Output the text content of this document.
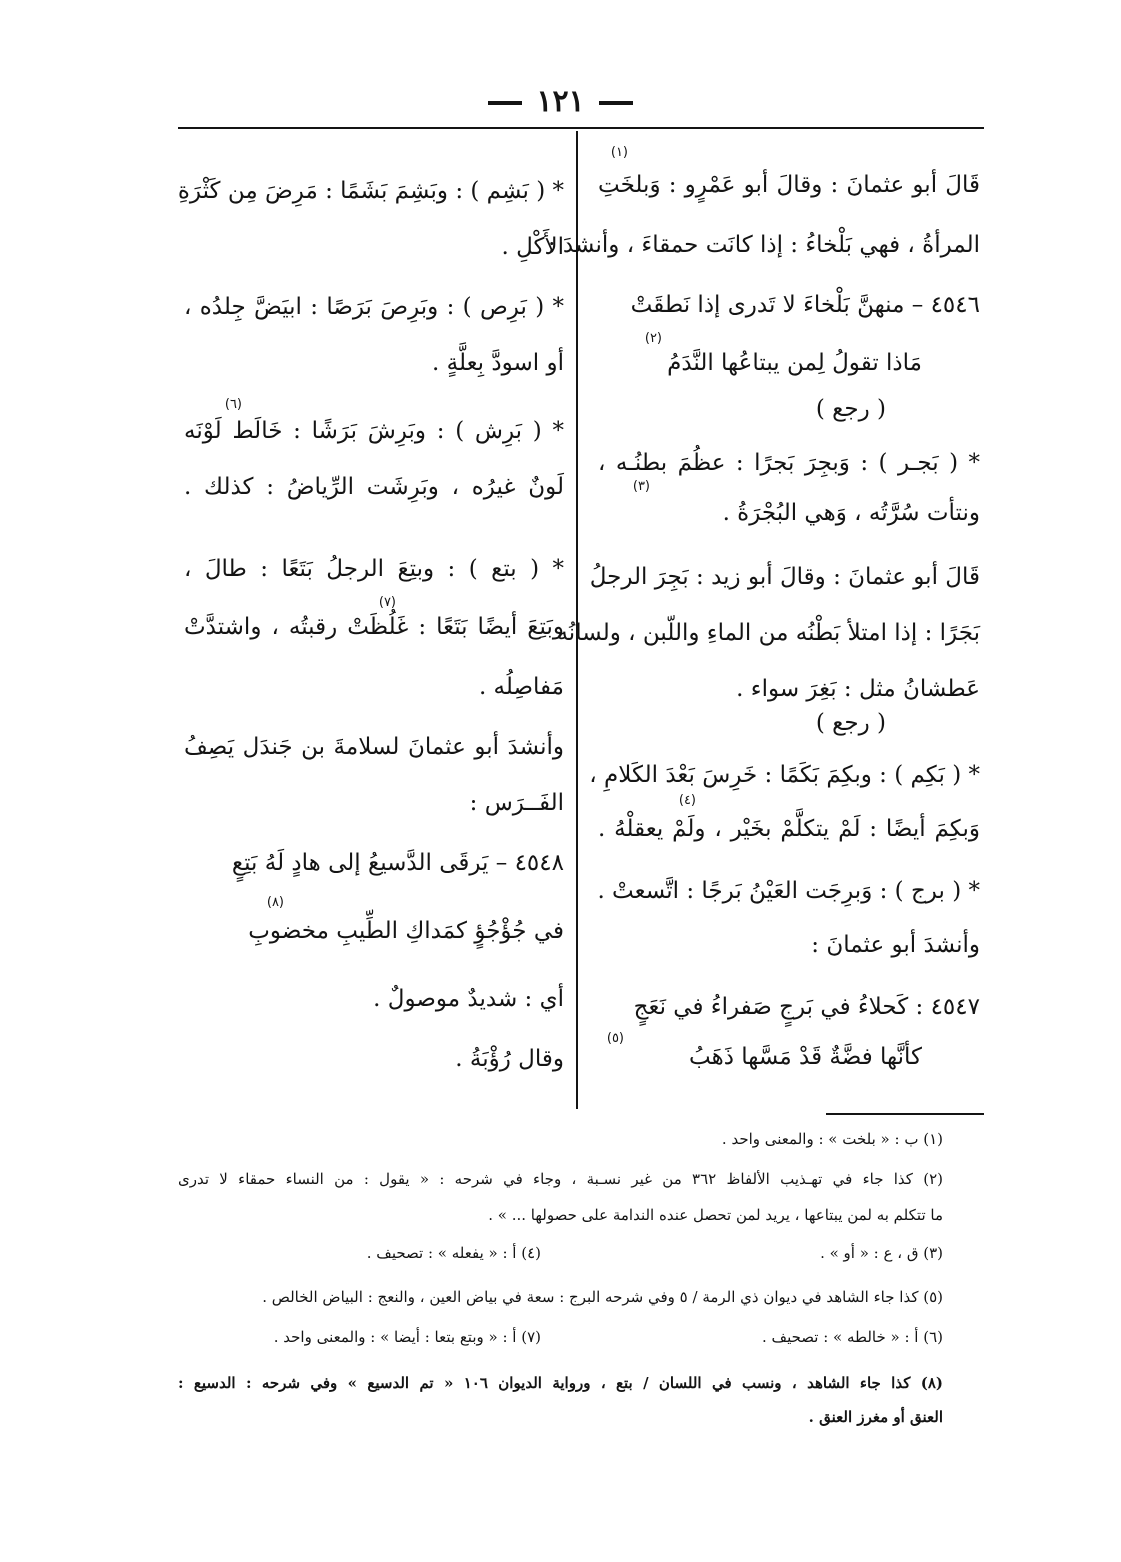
١٢١
(١)
قَالَ أبو عثمانَ : وقالَ أبو عَمْرٍو : وَبلخَتِ
المرأةُ ، فهي بَلْخاءُ : إذا كانَت حمقاءَ ، وأنشدَ :
٤٥٤٦ – منهنَّ بَلْخاءَ لا تَدرى إذا نَطقَتْ
(٢)
مَاذا تقولُ لِمن يبتاعُها النَّدَمُ
( رجع )
* ( بَجـر ) : وَبجِرَ بَجرًا : عظُمَ بطنُـه ،
(٣)
ونتأت سُرَّتُه ، وَهي البُجْرَةُ .
قَالَ أبو عثمانَ : وقالَ أبو زيد : بَجِرَ الرجلُ
بَجَرًا : إذا امتلأ بَطْنُه من الماءِ واللّبن ، ولسانُه
عَطشانُ مثل : بَغِرَ سواء .
( رجع )
* ( بَكِم ) : وبكِمَ بَكَمًا : خَرِسَ بَعْدَ الكَلامِ ،
(٤)
وَبكِمَ أيضًا : لَمْ يتكلَّمْ بخَيْر ، ولَمْ يعقلْهُ .
* ( برج ) : وَبرِجَت العَيْنُ بَرجًا : اتَّسعتْ .
وأنشدَ أبو عثمانَ :
٤٥٤٧ : كَحلاءُ في بَرجٍ صَفراءُ في نَعَجٍ
كأنَّها فضَّةٌ قَدْ مَسَّها ذَهَبُ
(٥)
* ( بَشِم ) : وبَشِمَ بَشَمًا : مَرِضَ مِن كَثْرَةِ
الأَكْلِ .
* ( بَرِص ) : وبَرِصَ بَرَصًا : ابيَضَّ جِلدُه ،
أو اسودَّ بِعلَّةٍ .
(٦)
* ( بَرِش ) : وبَرِشَ بَرَشًا : خَالَط لَوْنَه
لَونٌ غيرُه ، وبَرِشَت الرِّياضُ : كذلك .
* ( بتع ) : وبتِعَ الرجلُ بَتَعًا : طالَ ،
(٧)
وبَتِعَ أيضًا بَتَعًا : غَلُظَتْ رقبتُه ، واشتدَّتْ
مَفاصِلُه .
وأنشدَ أبو عثمانَ لسلامةَ بن جَندَل يَصِفُ
الفَــرَس :
٤٥٤٨ – يَرقَى الدَّسيعُ إلى هادٍ لَهُ بَتِعٍ
(٨)
في جُؤْجُؤٍ كمَداكِ الطِّيبِ مخضوبِ
أي : شديدٌ موصولٌ .
وقال رُؤْبَةُ .
(١) ب : « بلخت » : والمعنى واحد .
(٢) كذا جاء في تهـذيب الألفاظ ٣٦٢ من غير نسـبة ، وجاء في شرحه : « يقول : من النساء حمقاء لا تدرى
ما تتكلم به لمن يبتاعها ، يريد لمن تحصل عنده الندامة على حصولها ... » .
(٣) ق ، ع : « أو » .
(٤) أ : « يفعله » : تصحيف .
(٥) كذا جاء الشاهد في ديوان ذي الرمة / ٥ وفي شرحه البرج : سعة في بياض العين ، والنعج : البياض الخالص .
(٦) أ : « خالطه » : تصحيف .
(٧) أ : « وبتع بتعا : أيضا » : والمعنى واحد .
(٨) كذا جاء الشاهد ، ونسب في اللسان / بتع ، ورواية الديوان ١٠٦ « تم الدسيع » وفي شرحه : الدسيع :
العنق أو مغرز العنق .
